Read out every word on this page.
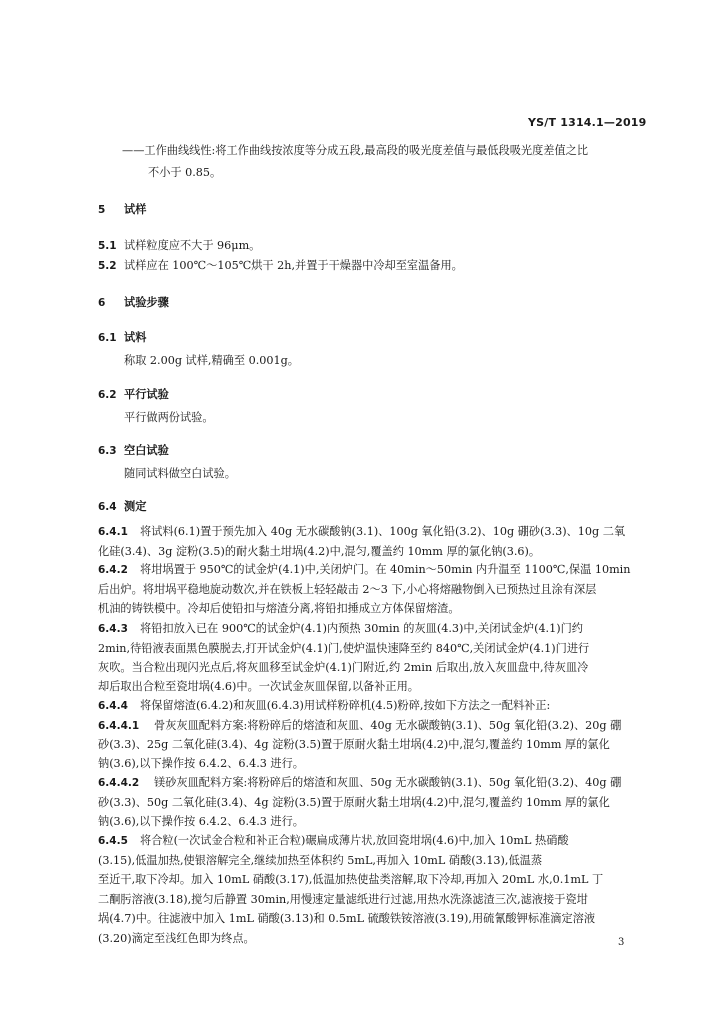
YS/T 1314.1—2019
——工作曲线线性:将工作曲线按浓度等分成五段,最高段的吸光度差值与最低段吸光度差值之比
不小于 0.85。
5 试样
5.1 试样粒度应不大于 96μm。
5.2 试样应在 100℃～105℃烘干 2h,并置于干燥器中冷却至室温备用。
6 试验步骤
6.1 试料
称取 2.00g 试样,精确至 0.001g。
6.2 平行试验
平行做两份试验。
6.3 空白试验
随同试料做空白试验。
6.4 测定
6.4.1 将试料(6.1)置于预先加入 40g 无水碳酸钠(3.1)、100g 氧化铅(3.2)、10g 硼砂(3.3)、10g 二氧
化硅(3.4)、3g 淀粉(3.5)的耐火黏土坩埚(4.2)中,混匀,覆盖约 10mm 厚的氯化钠(3.6)。
6.4.2 将坩埚置于 950℃的试金炉(4.1)中,关闭炉门。在 40min～50min 内升温至 1100℃,保温 10min
后出炉。将坩埚平稳地旋动数次,并在铁板上轻轻敲击 2～3 下,小心将熔融物倒入已预热过且涂有深层
机油的铸铁模中。冷却后使铅扣与熔渣分离,将铅扣捶成立方体保留熔渣。
6.4.3 将铅扣放入已在 900℃的试金炉(4.1)内预热 30min 的灰皿(4.3)中,关闭试金炉(4.1)门约
2min,待铅液表面黑色膜脱去,打开试金炉(4.1)门,使炉温快速降至约 840℃,关闭试金炉(4.1)门进行
灰吹。当合粒出现闪光点后,将灰皿移至试金炉(4.1)门附近,约 2min 后取出,放入灰皿盘中,待灰皿冷
却后取出合粒至瓷坩埚(4.6)中。一次试金灰皿保留,以备补正用。
6.4.4 将保留熔渣(6.4.2)和灰皿(6.4.3)用试样粉碎机(4.5)粉碎,按如下方法之一配料补正:
6.4.4.1 骨灰灰皿配料方案:将粉碎后的熔渣和灰皿、40g 无水碳酸钠(3.1)、50g 氧化铅(3.2)、20g 硼
砂(3.3)、25g 二氧化硅(3.4)、4g 淀粉(3.5)置于原耐火黏土坩埚(4.2)中,混匀,覆盖约 10mm 厚的氯化
钠(3.6),以下操作按 6.4.2、6.4.3 进行。
6.4.4.2 镁砂灰皿配料方案:将粉碎后的熔渣和灰皿、50g 无水碳酸钠(3.1)、50g 氧化铅(3.2)、40g 硼
砂(3.3)、50g 二氧化硅(3.4)、4g 淀粉(3.5)置于原耐火黏土坩埚(4.2)中,混匀,覆盖约 10mm 厚的氯化
钠(3.6),以下操作按 6.4.2、6.4.3 进行。
6.4.5 将合粒(一次试金合粒和补正合粒)碾扁成薄片状,放回瓷坩埚(4.6)中,加入 10mL 热硝酸
(3.15),低温加热,使银溶解完全,继续加热至体积约 5mL,再加入 10mL 硝酸(3.13),低温蒸
至近干,取下冷却。加入 10mL 硝酸(3.17),低温加热使盐类溶解,取下冷却,再加入 20mL 水,0.1mL 丁
二酮肟溶液(3.18),搅匀后静置 30min,用慢速定量滤纸进行过滤,用热水洗涤滤渣三次,滤液接于瓷坩
埚(4.7)中。往滤液中加入 1mL 硝酸(3.13)和 0.5mL 硫酸铁铵溶液(3.19),用硫氰酸钾标准滴定溶液
(3.20)滴定至浅红色即为终点。	3
